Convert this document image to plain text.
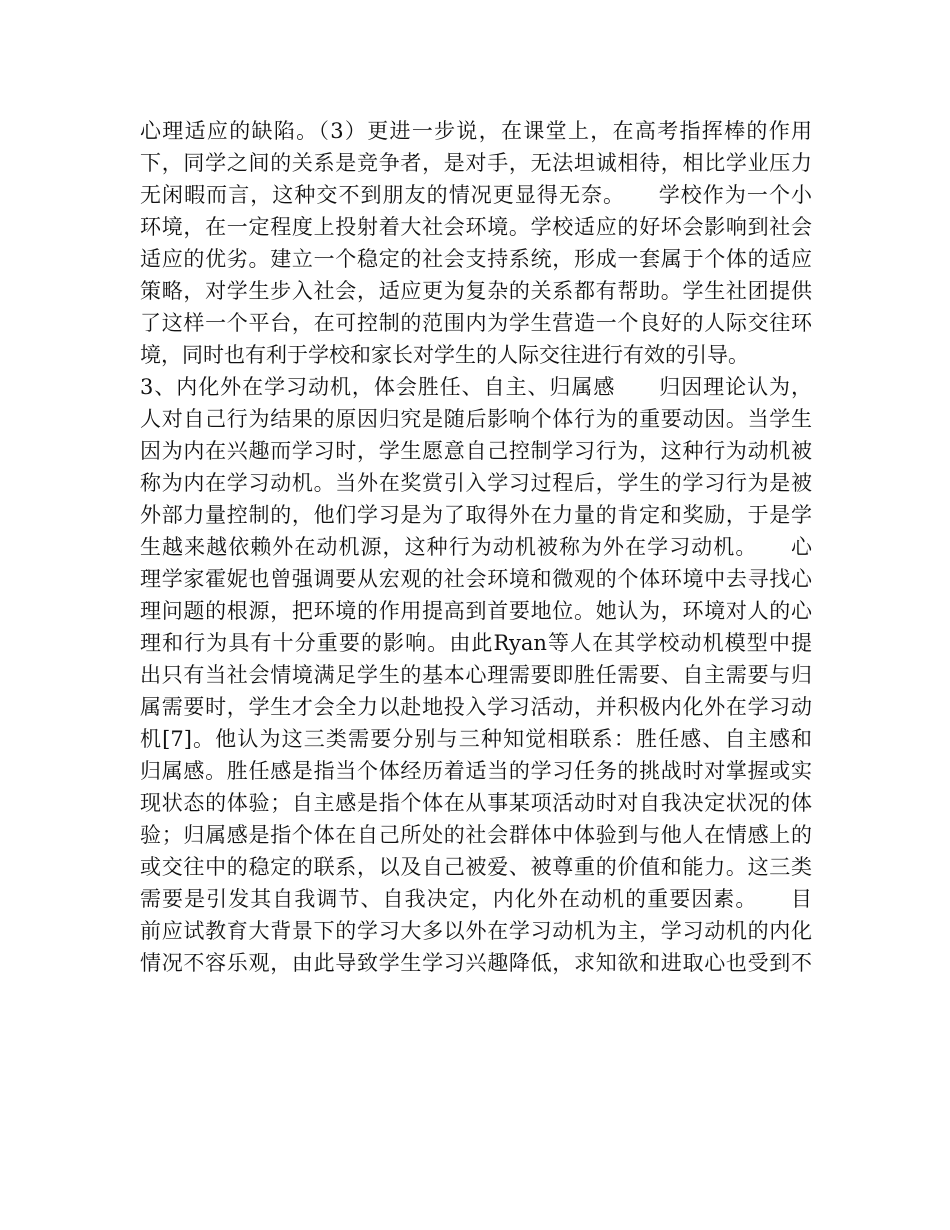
心理适应的缺陷。（3）更进一步说，在课堂上，在高考指挥棒的作用
下，同学之间的关系是竞争者，是对手，无法坦诚相待，相比学业压力
无闲暇而言，这种交不到朋友的情况更显得无奈。　　学校作为一个小
环境，在一定程度上投射着大社会环境。学校适应的好坏会影响到社会
适应的优劣。建立一个稳定的社会支持系统，形成一套属于个体的适应
策略，对学生步入社会，适应更为复杂的关系都有帮助。学生社团提供
了这样一个平台，在可控制的范围内为学生营造一个良好的人际交往环
境，同时也有利于学校和家长对学生的人际交往进行有效的引导。
3、内化外在学习动机，体会胜任、自主、归属感　　归因理论认为，
人对自己行为结果的原因归究是随后影响个体行为的重要动因。当学生
因为内在兴趣而学习时，学生愿意自己控制学习行为，这种行为动机被
称为内在学习动机。当外在奖赏引入学习过程后，学生的学习行为是被
外部力量控制的，他们学习是为了取得外在力量的肯定和奖励，于是学
生越来越依赖外在动机源，这种行为动机被称为外在学习动机。　　心
理学家霍妮也曾强调要从宏观的社会环境和微观的个体环境中去寻找心
理问题的根源，把环境的作用提高到首要地位。她认为，环境对人的心
理和行为具有十分重要的影响。由此Ryan等人在其学校动机模型中提
出只有当社会情境满足学生的基本心理需要即胜任需要、自主需要与归
属需要时，学生才会全力以赴地投入学习活动，并积极内化外在学习动
机[7]。他认为这三类需要分别与三种知觉相联系：胜任感、自主感和
归属感。胜任感是指当个体经历着适当的学习任务的挑战时对掌握或实
现状态的体验；自主感是指个体在从事某项活动时对自我决定状况的体
验；归属感是指个体在自己所处的社会群体中体验到与他人在情感上的
或交往中的稳定的联系，以及自己被爱、被尊重的价值和能力。这三类
需要是引发其自我调节、自我决定，内化外在动机的重要因素。　　目
前应试教育大背景下的学习大多以外在学习动机为主，学习动机的内化
情况不容乐观，由此导致学生学习兴趣降低，求知欲和进取心也受到不
